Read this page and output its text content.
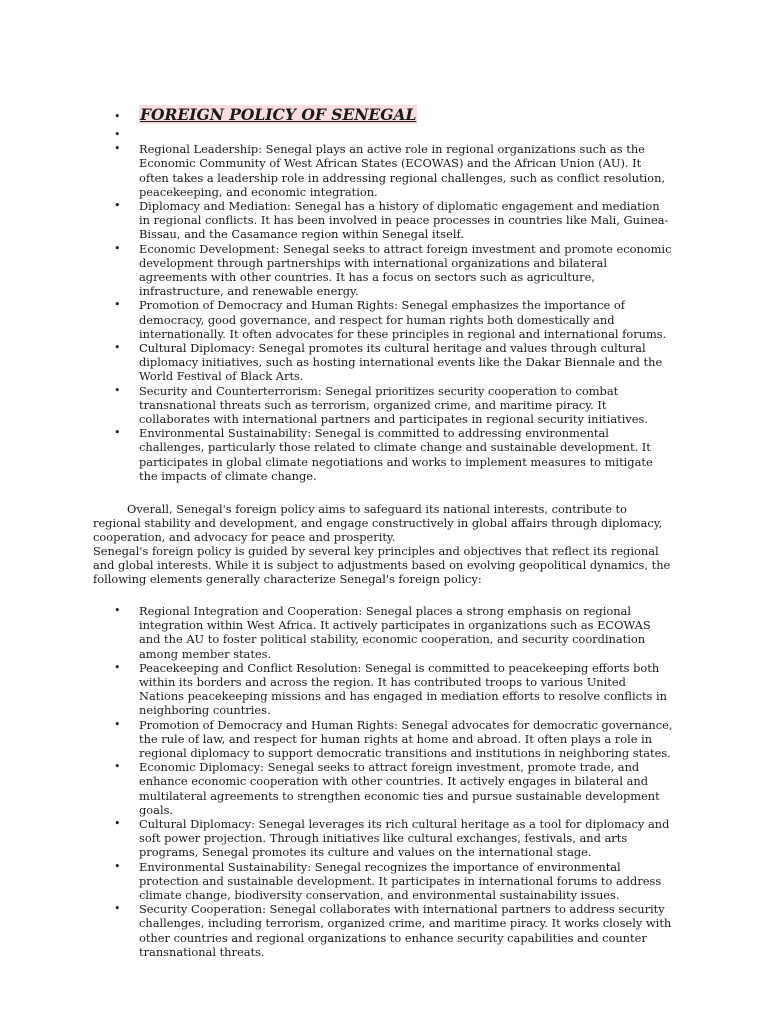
• FOREIGN POLICY OF SENEGAL
•
• Regional Leadership: Senegal plays an active role in regional organizations such as the Economic Community of West African States (ECOWAS) and the African Union (AU). It often takes a leadership role in addressing regional challenges, such as conflict resolution, peacekeeping, and economic integration.
• Diplomacy and Mediation: Senegal has a history of diplomatic engagement and mediation in regional conflicts. It has been involved in peace processes in countries like Mali, Guinea-Bissau, and the Casamance region within Senegal itself.
• Economic Development: Senegal seeks to attract foreign investment and promote economic development through partnerships with international organizations and bilateral agreements with other countries. It has a focus on sectors such as agriculture, infrastructure, and renewable energy.
• Promotion of Democracy and Human Rights: Senegal emphasizes the importance of democracy, good governance, and respect for human rights both domestically and internationally. It often advocates for these principles in regional and international forums.
• Cultural Diplomacy: Senegal promotes its cultural heritage and values through cultural diplomacy initiatives, such as hosting international events like the Dakar Biennale and the World Festival of Black Arts.
• Security and Counterterrorism: Senegal prioritizes security cooperation to combat transnational threats such as terrorism, organized crime, and maritime piracy. It collaborates with international partners and participates in regional security initiatives.
• Environmental Sustainability: Senegal is committed to addressing environmental challenges, particularly those related to climate change and sustainable development. It participates in global climate negotiations and works to implement measures to mitigate the impacts of climate change.

Overall, Senegal's foreign policy aims to safeguard its national interests, contribute to regional stability and development, and engage constructively in global affairs through diplomacy, cooperation, and advocacy for peace and prosperity.

Senegal's foreign policy is guided by several key principles and objectives that reflect its regional and global interests. While it is subject to adjustments based on evolving geopolitical dynamics, the following elements generally characterize Senegal's foreign policy:

• Regional Integration and Cooperation: Senegal places a strong emphasis on regional integration within West Africa. It actively participates in organizations such as ECOWAS and the AU to foster political stability, economic cooperation, and security coordination among member states.
• Peacekeeping and Conflict Resolution: Senegal is committed to peacekeeping efforts both within its borders and across the region. It has contributed troops to various United Nations peacekeeping missions and has engaged in mediation efforts to resolve conflicts in neighboring countries.
• Promotion of Democracy and Human Rights: Senegal advocates for democratic governance, the rule of law, and respect for human rights at home and abroad. It often plays a role in regional diplomacy to support democratic transitions and institutions in neighboring states.
• Economic Diplomacy: Senegal seeks to attract foreign investment, promote trade, and enhance economic cooperation with other countries. It actively engages in bilateral and multilateral agreements to strengthen economic ties and pursue sustainable development goals.
• Cultural Diplomacy: Senegal leverages its rich cultural heritage as a tool for diplomacy and soft power projection. Through initiatives like cultural exchanges, festivals, and arts programs, Senegal promotes its culture and values on the international stage.
• Environmental Sustainability: Senegal recognizes the importance of environmental protection and sustainable development. It participates in international forums to address climate change, biodiversity conservation, and environmental sustainability issues.
• Security Cooperation: Senegal collaborates with international partners to address security challenges, including terrorism, organized crime, and maritime piracy. It works closely with other countries and regional organizations to enhance security capabilities and counter transnational threats.
